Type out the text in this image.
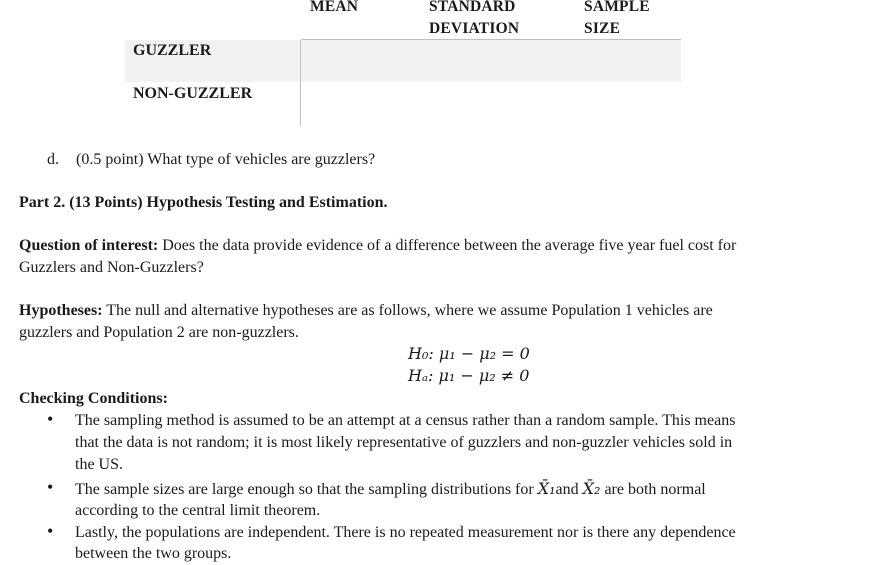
MEAN	STANDARD
DEVIATION
SAMPLE
SIZE
GUZZLER
NON-GUZZLER
d. (0.5 point) What type of vehicles are guzzlers?
Part 2. (13 Points) Hypothesis Testing and Estimation.
Question of interest: Does the data provide evidence of a difference between the average five year fuel cost for
Guzzlers and Non-Guzzlers?
Hypotheses: The null and alternative hypotheses are as follows, where we assume Population 1 vehicles are
guzzlers and Population 2 are non-guzzlers.
H₀: μ₁ − μ₂ = 0
Hₐ: μ₁ − μ₂ ≠ 0
Checking Conditions:
• The sampling method is assumed to be an attempt at a census rather than a random sample. This means
that the data is not random; it is most likely representative of guzzlers and non-guzzler vehicles sold in
the US.
• The sample sizes are large enough so that the sampling distributions for X̄₁and X̄₂ are both normal
according to the central limit theorem.
• Lastly, the populations are independent. There is no repeated measurement nor is there any dependence
between the two groups.
